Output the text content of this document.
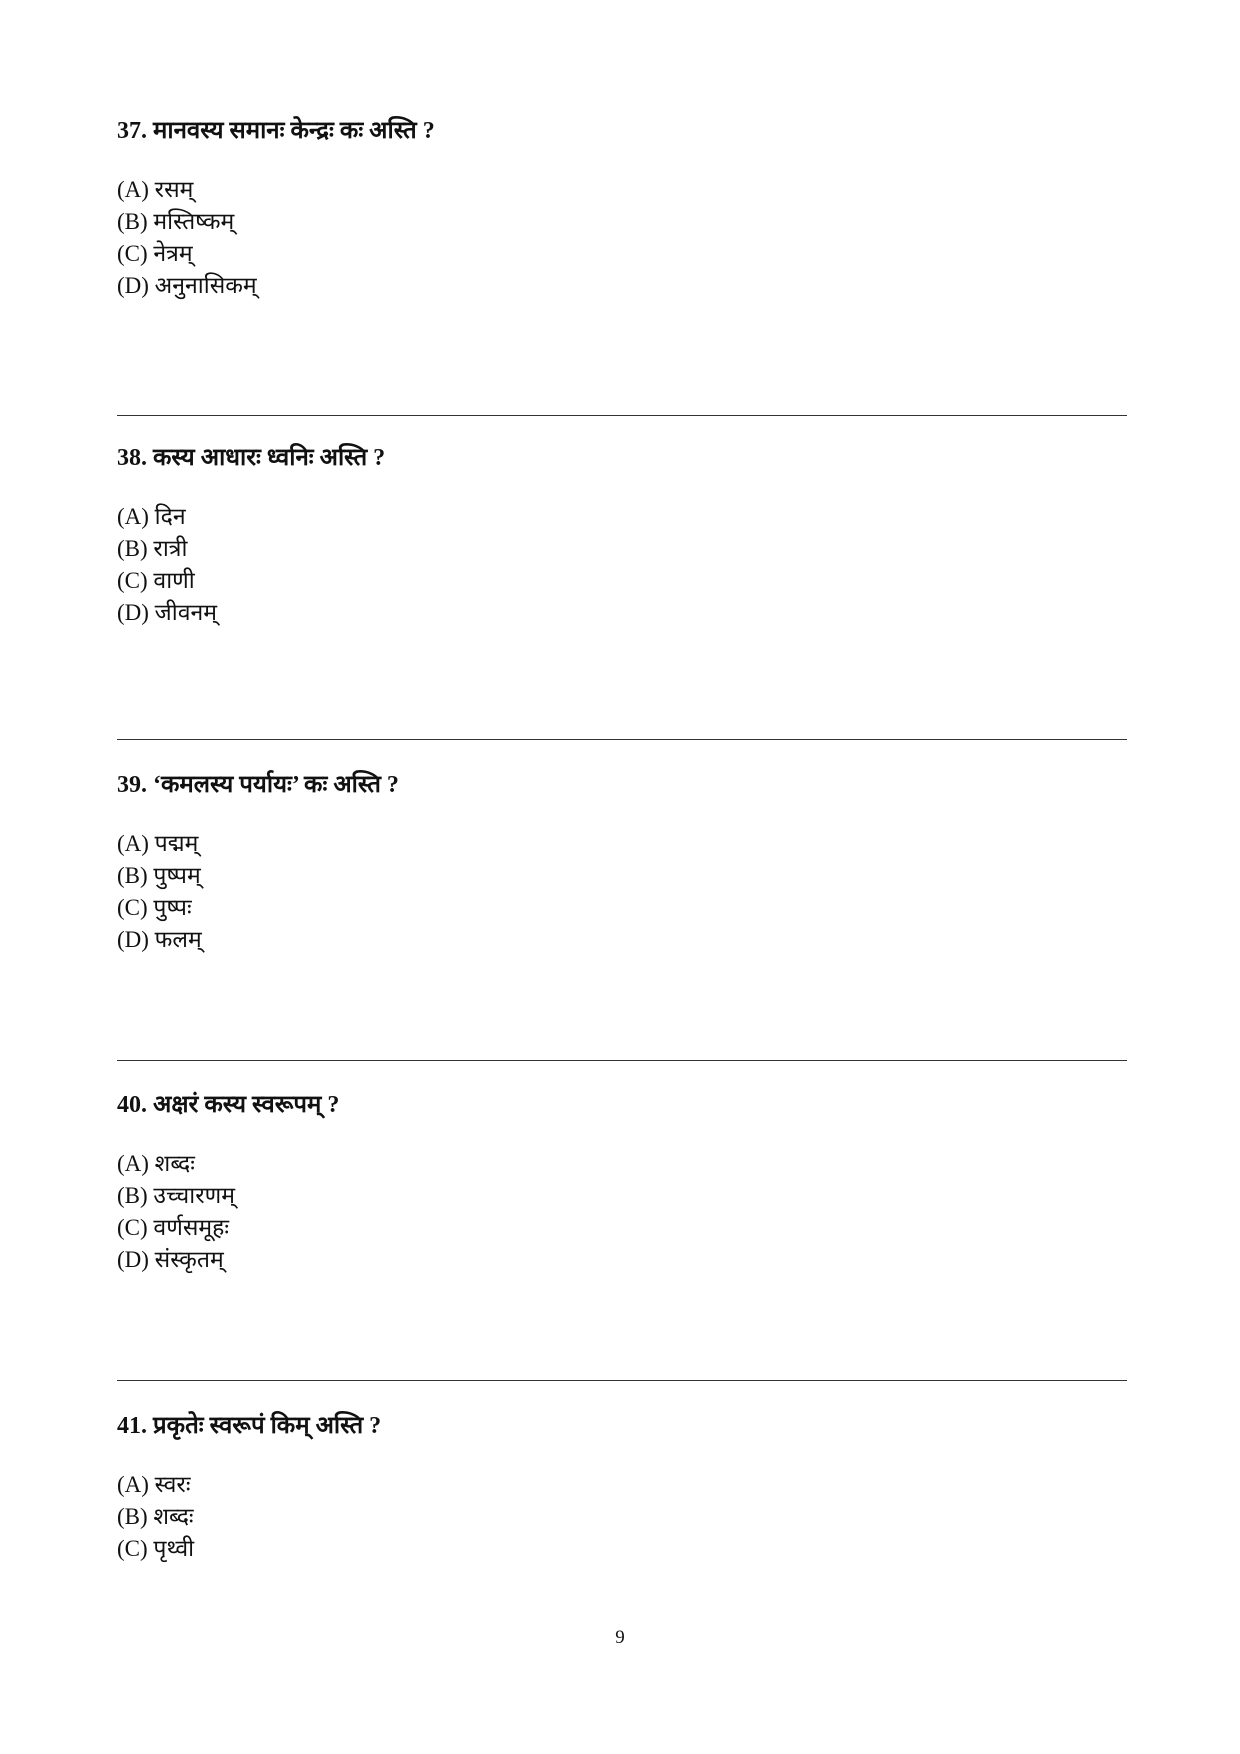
37. मानवस्य समानः केन्द्रः कः अस्ति ?

(A) रसम्
(B) मस्तिष्कम्
(C) नेत्रम्
(D) अनुनासिकम्

38. कस्य आधारः ध्वनिः अस्ति ?

(A) दिन
(B) रात्री
(C) वाणी
(D) जीवनम्

39. ‘कमलस्य पर्यायः’ कः अस्ति ?

(A) पद्मम्
(B) पुष्पम्
(C) पुष्पः
(D) फलम्

40. अक्षरं कस्य स्वरूपम् ?

(A) शब्दः
(B) उच्चारणम्
(C) वर्णसमूहः
(D) संस्कृतम्

41. प्रकृतेः स्वरूपं किम् अस्ति ?

(A) स्वरः
(B) शब्दः
(C) पृथ्वी
9
